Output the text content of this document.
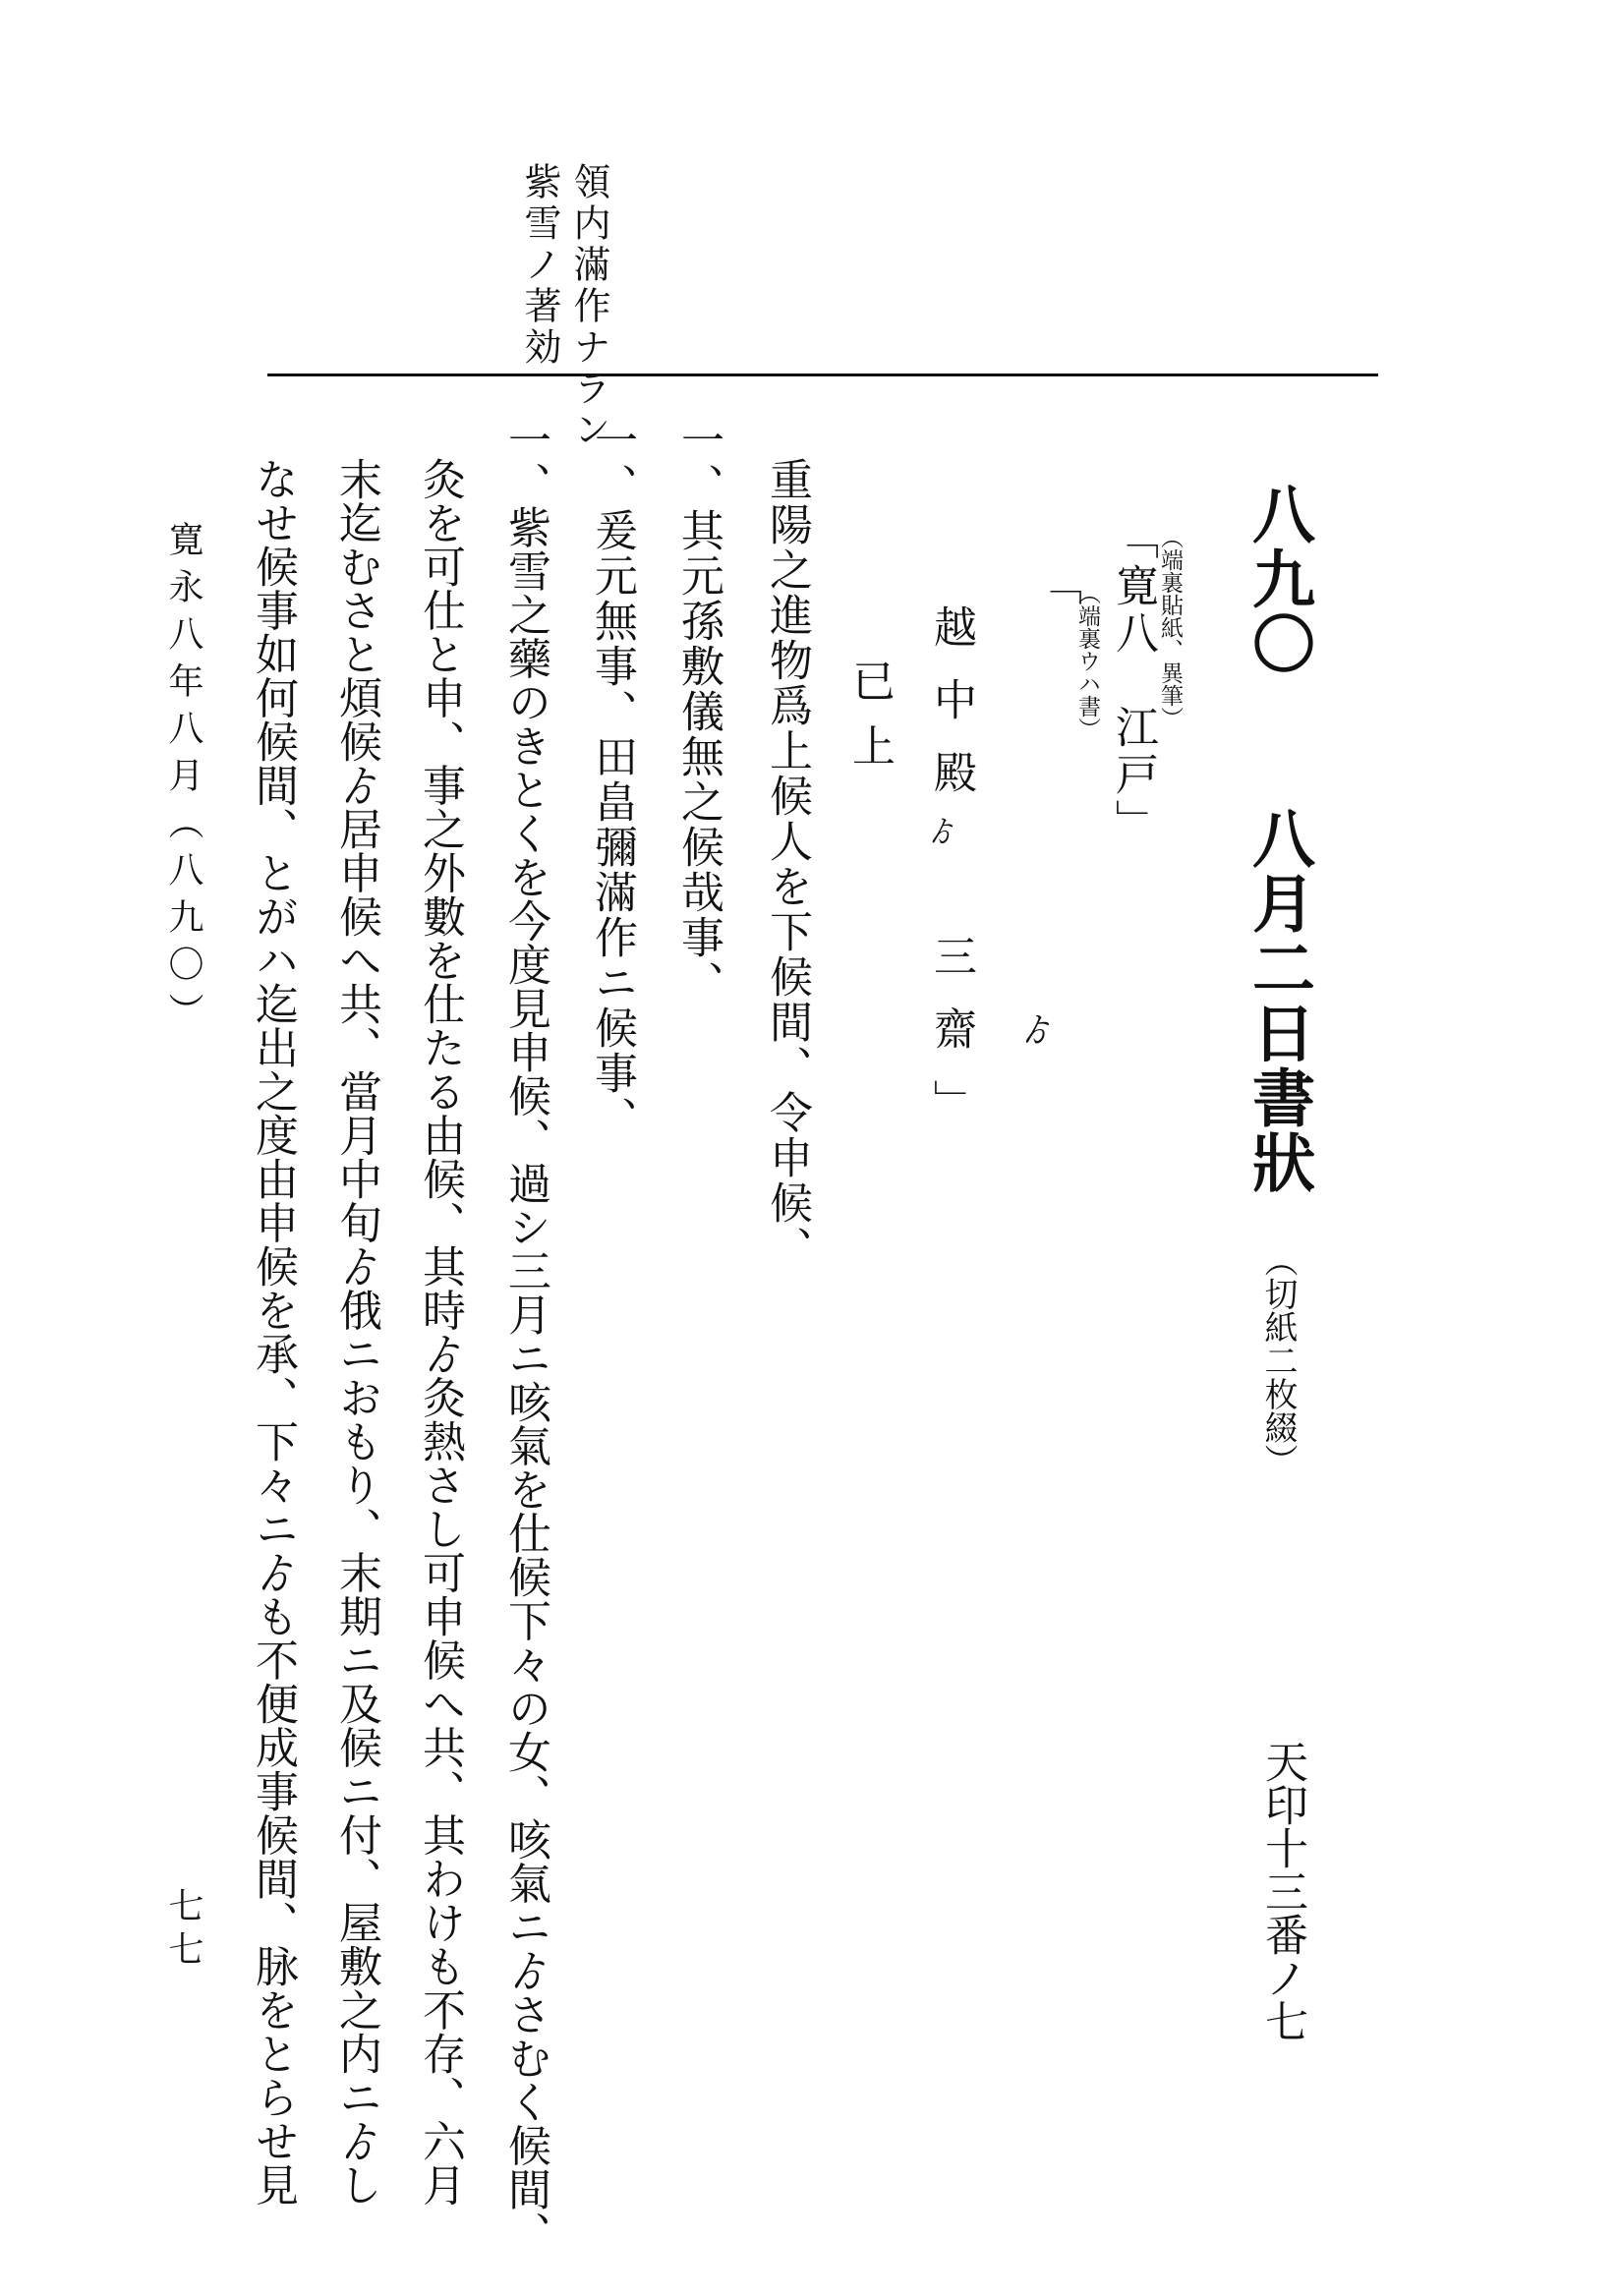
領内滿作ナラン
紫雪ノ著効
八九〇　　八月二日書狀　（切紙二枚綴）
天印十三番ノ七
（端裏貼紙、異筆）
「寛八　江戸」
（端裏ウハ書）
「
越中殿
ゟ
ゟ
三齋」
已上
重陽之進物爲上候人を下候間、令申候、
一、其元孫敷儀無之候哉事、
一、爰元無事、田畠彌滿作ニ候事、
一、紫雪之藥のきとくを今度見申候、過シ三月ニ咳氣を仕候下々の女、咳氣ニゟさむく候間、
灸を可仕と申、事之外數を仕たる由候、其時ゟ灸熱さし可申候へ共、其わけも不存、六月
末迄むさと煩候ゟ居申候へ共、當月中旬ゟ俄ニおもり、末期ニ及候ニ付、屋敷之内ニゟし
なせ候事如何候間、とがハ迄出之度由申候を承、下々ニゟも不便成事候間、脉をとらせ見
寛永八年八月（八九〇）
七七
